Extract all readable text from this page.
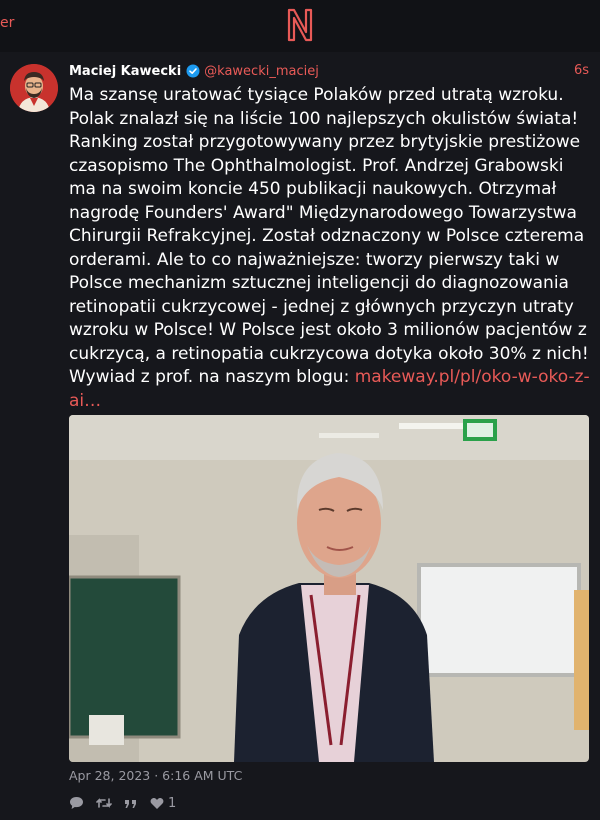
er
Maciej Kawecki @kawecki_maciej	6s
Ma szansę uratować tysiące Polaków przed utratą wzroku. Polak znalazł się na liście 100 najlepszych okulistów świata! Ranking został przygotowywany przez brytyjskie prestiżowe czasopismo The Ophthalmologist. Prof. Andrzej Grabowski ma na swoim koncie 450 publikacji naukowych. Otrzymał nagrodę Founders' Award" Międzynarodowego Towarzystwa Chirurgii Refrakcyjnej. Został odznaczony w Polsce czterema orderami. Ale to co najważniejsze: tworzy pierwszy taki w Polsce mechanizm sztucznej inteligencji do diagnozowania retinopatii cukrzycowej - jednej z głównych przyczyn utraty wzroku w Polsce! W Polsce jest około 3 milionów pacjentów z cukrzycą, a retinopatia cukrzycowa dotyka około 30% z nich! Wywiad z prof. na naszym blogu: makeway.pl/pl/oko-w-oko-z-ai…
Apr 28, 2023 · 6:16 AM UTC
1
